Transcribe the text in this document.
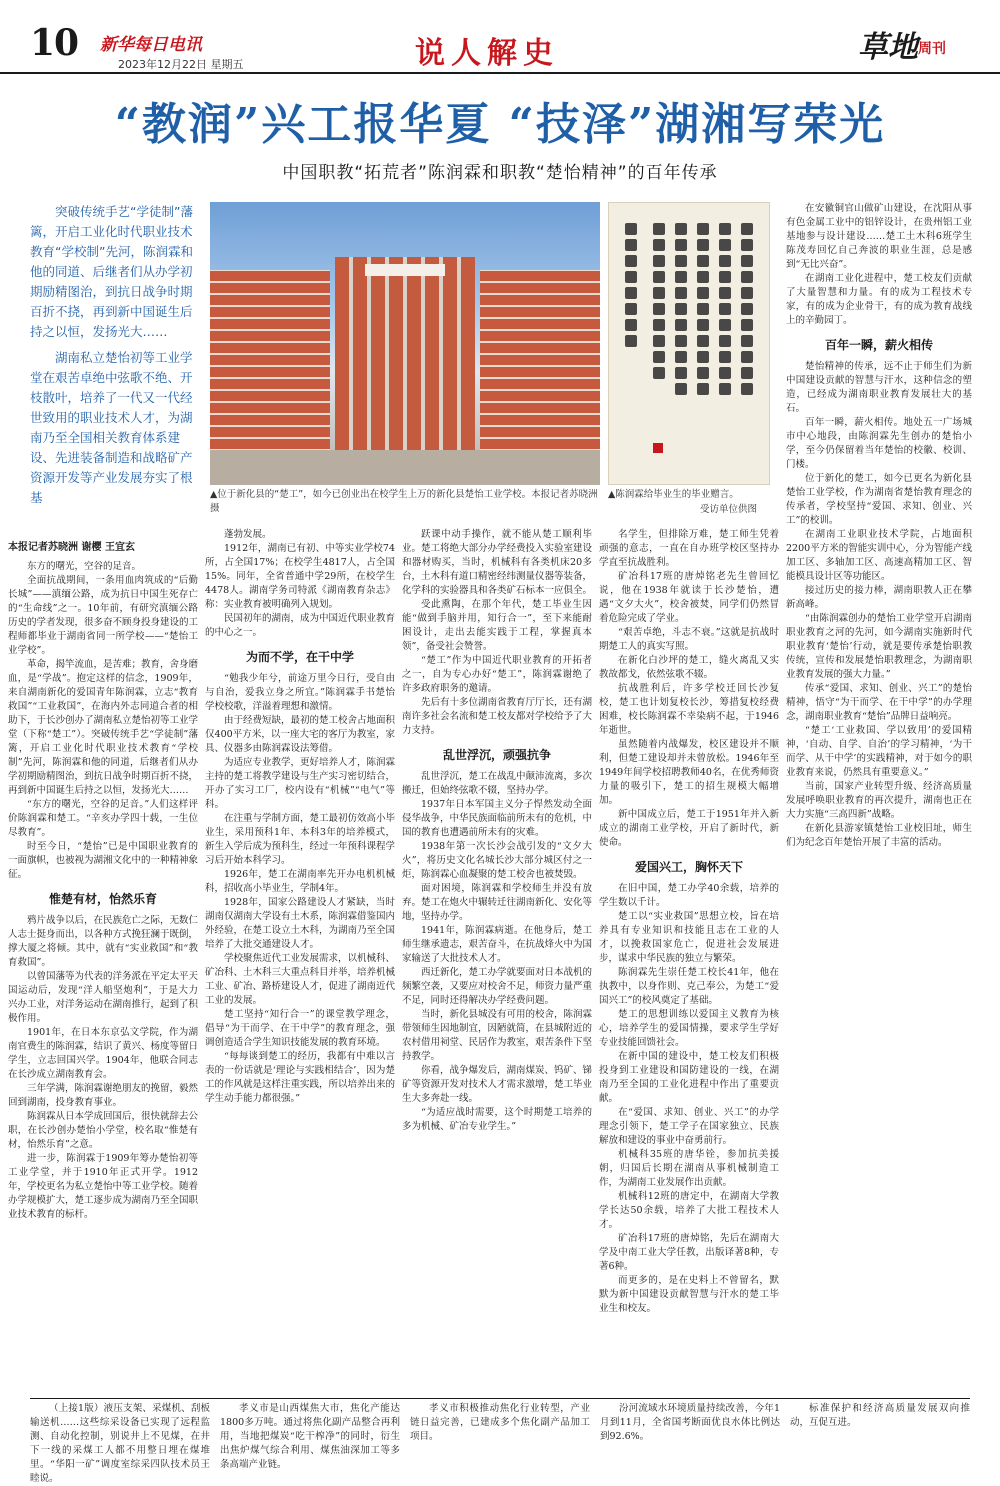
10 新华每日电讯
2023年12月22日 星期五	说人解史	草地 周刊
“教润”兴工报华夏 “技泽”湖湘写荣光
中国职教“拓荒者”陈润霖和职教“楚怡精神”的百年传承

突破传统手艺“学徒制”藩篱，开启工业化时代职业技术教育“学校制”先河，陈润霖和他的同道、后继者们从办学初期励精图治，到抗日战争时期百折不挠，再到新中国诞生后持之以恒，发扬光大……

湖南私立楚怡初等工业学堂在艰苦卓绝中弦歌不绝、开枝散叶，培养了一代又一代经世致用的职业技术人才，为湖南乃至全国相关教育体系建设、先进装备制造和战略矿产资源开发等产业发展夯实了根基	▲位于新化县的“楚工”，如今已创业出在校学生上万的新化县楚怡工业学校。本报记者苏晓洲摄
▲陈润霖给毕业生的毕业赠言。
受访单位供图

本报记者苏晓洲 谢樱 王宜玄

东方的曙光，空谷的足音。

全面抗战期间，一条用血肉筑成的“后勤长城”——滇缅公路，成为抗日中国生死存亡的“生命线”之一。10年前，有研究滇缅公路历史的学者发现，很多奋不顾身投身建设的工程师都毕业于湖南省同一所学校——“楚怡工业学校”。

革命，揭竿流血，是苦难；教育，舍身磨血，是“学战”。抱定这样的信念，1909年，来自湖南新化的爱国青年陈润霖，立志“教育救国”“工业救国”，在海内外志同道合者的相助下，于长沙创办了湖南私立楚怡初等工业学堂（下称“楚工”）。突破传统手艺“学徒制”藩篱，开启工业化时代职业技术教育“学校制”先河，陈润霖和他的同道，后继者们从办学初期励精图治，到抗日战争时期百折不挠，再到新中国诞生后持之以恒，发扬光大……

“东方的曙光，空谷的足音。”人们这样评价陈润霖和楚工。“辛亥办学四十载，一生位尽教育”。

时至今日，“楚怡”已是中国职业教育的一面旗帜，也被视为湖湘文化中的一种精神象征。

惟楚有材，怡然乐育

鸦片战争以后，在民族危亡之际，无数仁人志士挺身而出，以各种方式挽狂澜于既倒，撑大厦之将倾。其中，就有“实业救国”和“教育救国”。

以曾国藩等为代表的洋务派在平定太平天国运动后，发现“洋人船坚炮利”，于是大力兴办工业，对洋务运动在湖南推行，起到了积极作用。

1901年，在日本东京弘文学院，作为湖南官费生的陈润霖，结识了黄兴、杨度等留日学生，立志回国兴学。1904年，他联合同志在长沙成立湖南教育会。

三年学满，陈润霖谢绝朋友的挽留，毅然回到湖南，投身教育事业。

陈润霖从日本学成回国后，很快就辞去公职，在长沙创办楚怡小学堂，校名取“惟楚有材，怡然乐育”之意。

进一步，陈润霖于1909年筹办楚怡初等工业学堂，并于1910年正式开学。1912年，学校更名为私立楚怡中等工业学校。随着办学规模扩大，楚工逐步成为湖南乃至全国职业技术教育的标杆。

蓬勃发展。

1912年，湖南已有初、中等实业学校74所，占全国17%；在校学生4817人，占全国15%。同年，全省普通中学29所，在校学生4478人。湖南学务司特派《湖南教育杂志》称：实业教育被明确列入规划。

民国初年的湖南，成为中国近代职业教育的中心之一。

为而不学，在干中学

“勉我少年兮，前途万里今日行，受自由与自治，爱我立身之所宜。”陈润霖手书楚怡学校校歌，洋溢着理想和激情。

由于经费短缺，最初的楚工校舍占地面积仅400平方米，以一座大宅的客厅为教室，家具、仪器多由陈润霖设法筹借。

为适应专业教学，更好培养人才，陈润霖主持的楚工将教学建设与生产实习密切结合，开办了实习工厂，校内设有“机械”“电气”等科。

在注重与学制方面，楚工最初仿效高小毕业生，采用预科1年、本科3年的培养模式，新生入学后成为预科生，经过一年预科课程学习后开始本科学习。

1926年，楚工在湖南率先开办电机机械科，招收高小毕业生，学制4年。

1928年，国家公路建设人才紧缺，当时湖南仅湖南大学设有土木系，陈润霖借鉴国内外经验，在楚工设立土木科，为湖南乃至全国培养了大批交通建设人才。

学校聚焦近代工业发展需求，以机械科、矿冶科、土木科三大重点科目并举，培养机械工业、矿冶、路桥建设人才，促进了湖南近代工业的发展。

楚工坚持“知行合一”的课堂教学理念，倡导“为干而学、在干中学”的教育理念，强调创造适合学生知识技能发展的教育环境。

“每每谈到楚工的经历，我都有中难以言表的一份话就是‘理论与实践相结合’，因为楚工的作风就是这样注重实践，所以培养出来的学生动手能力都很强。”

跃课中动手操作，就不能从楚工顺利毕业。楚工将绝大部分办学经费投入实验室建设和器材购买，当时，机械科有各类机床20多台，土木科有道口精密经纬测量仪器等装备，化学科的实验器具和各类矿石标本一应俱全。

受此熏陶，在那个年代，楚工毕业生因能“做到手脑并用，知行合一”，至下来能耐困设计，走出去能实践于工程，掌握真本领”，备受社会赞誉。

“楚工”作为中国近代职业教育的开拓者之一，自为专心办好“楚工”，陈润霖谢绝了许多政府职务的邀请。

先后有十多位湖南省教育厅厅长，还有湖南许多社会名流和楚工校友都对学校给予了大力支持。

乱世浮沉，顽强抗争

乱世浮沉，楚工在战乱中颠沛流离，多次搬迁，但始终弦歌不辍，坚持办学。

1937年日本军国主义分子悍然发动全面侵华战争，中华民族面临前所未有的危机，中国的教育也遭遇前所未有的灾难。

1938年第一次长沙会战引发的“文夕大火”，将历史文化名城长沙大部分城区付之一炬，陈润霖心血凝聚的楚工校舍也被焚毁。

面对困境，陈润霖和学校师生并没有放弃。楚工在炮火中辗转迁往湖南新化、安化等地，坚持办学。

1941年，陈润霖病逝。在他身后，楚工师生继承遗志，艰苦奋斗，在抗战烽火中为国家输送了大批技术人才。

西迁新化，楚工办学就要面对日本战机的频繁空袭，又要应对校舍不足，师资力量严重不足，同时还得解决办学经费问题。

当时，新化县城没有可用的校舍，陈润霖带领师生因地制宜，因陋就简，在县城附近的农村借用祠堂、民居作为教室，艰苦条件下坚持教学。

你看，战争爆发后，湖南煤炭、钨矿、锑矿等资源开发对技术人才需求激增，楚工毕业生大多奔赴一线。

“为适应战时需要，这个时期楚工培养的多为机械、矿冶专业学生。”

名学生，但排除万难，楚工师生凭着顽强的意志，一直在自办班学校区坚持办学直至抗战胜利。

矿冶科17班的唐焯铭老先生曾回忆说，他在1938年就读于长沙楚怡，遭遇“文夕大火”，校舍被焚，同学们仍然冒着危险完成了学业。

“艰苦卓绝，斗志不衰。”这就是抗战时期楚工人的真实写照。

在新化白沙坪的楚工，缝火离乱又实教故都戈，依然弦歌不辍。

抗战胜利后，许多学校迁回长沙复校，楚工也计划复校长沙，筹措复校经费困难，校长陈润霖不幸染病不起，于1946年逝世。

虽然随着内战爆发，校区建设并不顺利，但楚工建设却并未曾放松。1946年至1949年间学校招聘教师40名，在优秀师资力量的吸引下，楚工的招生规模大幅增加。

新中国成立后，楚工于1951年并入新成立的湖南工业学校，开启了新时代，新使命。

爱国兴工，胸怀天下

在旧中国，楚工办学40余载，培养的学生数以千计。

楚工以“实业救国”思想立校，旨在培养具有专业知识和技能且志在工业的人才，以挽救国家危亡，促进社会发展进步，谋求中华民族的独立与繁荣。

陈润霖先生崇任楚工校长41年，他在执教中，以身作则、克己奉公，为楚工“爱国兴工”的校风奠定了基础。

楚工的思想训练以爱国主义教育为核心，培养学生的爱国情操，要求学生学好专业技能回馈社会。

在新中国的建设中，楚工校友们积极投身到工业建设和国防建设的一线，在湖南乃至全国的工业化进程中作出了重要贡献。

在“爱国、求知、创业、兴工”的办学理念引领下，楚工学子在国家独立、民族解放和建设的事业中奋勇前行。

机械科35班的唐华铨，参加抗美援朝，归国后长期在湖南从事机械制造工作，为湖南工业发展作出贡献。

机械科12班的唐定中，在湖南大学教学长达50余载，培养了大批工程技术人才。

矿冶科17班的唐焯铭，先后在湖南大学及中南工业大学任教，出版译著8种，专著6种。

而更多的，是在史料上不曾留名，默默为新中国建设贡献智慧与汗水的楚工毕业生和校友。

在安徽铜官山做矿山建设，在沈阳从事有色金属工业中的铝锌设计，在贵州铝工业基地参与设计建设……楚工土木科6班学生陈茂寿回忆自己奔波的职业生涯，总是感到“无比兴奋”。

在湖南工业化进程中，楚工校友们贡献了大量智慧和力量。有的成为工程技术专家，有的成为企业骨干，有的成为教育战线上的辛勤园丁。

百年一瞬，薪火相传

楚怡精神的传承，远不止于师生们为新中国建设贡献的智慧与汗水，这种信念的塑造，已经成为湖南职业教育发展壮大的基石。

百年一瞬，薪火相传。地处五一广场城市中心地段，由陈润霖先生创办的楚怡小学，至今仍保留着当年楚怡的校徽、校训、门楼。

位于新化的楚工，如今已更名为新化县楚怡工业学校，作为湖南省楚怡教育理念的传承者，学校坚持“爱国、求知、创业、兴工”的校训。

在湖南工业职业技术学院，占地面积2200平方米的智能实训中心，分为智能产线加工区、多轴加工区、高速高精加工区、智能模具设计区等功能区。

接过历史的接力棒，湖南职教人正在攀新高峰。

“由陈润霖创办的楚怡工业学堂开启湖南职业教育之河的先河，如今湖南实施新时代职业教育‘楚怡’行动，就是要传承楚怡职教传统，宣传和发展楚怡职教理念，为湖南职业教育发展的强大力量。”

传承“爱国、求知、创业、兴工”的楚怡精神，悟守“为干而学、在干中学”的办学理念，湖南职业教育“楚怡”品牌日益响亮。

“楚工‘工业救国、学以致用’的爱国精神，‘自动、自学、自治’的学习精神，‘为干而学、从干中学’的实践精神，对于如今的职业教育来说，仍然具有重要意义。”

当前，国家产业转型升级、经济高质量发展呼唤职业教育的再次提升，湖南也正在大力实施“三高四新”战略。

在新化县游家镇楚怡工业校旧址，师生们为纪念百年楚怡开展了丰富的活动。

（上接1版）液压支架、采煤机、刮板输送机……这些综采设备已实现了远程监测、自动化控制，别说井上不见煤，在井下一线的采煤工人都不用整日埋在煤堆里。“华阳一矿”调度室综采四队技术员王睦说。

孝义市是山西煤焦大市，焦化产能达1800多万吨。通过将焦化副产品整合再利用，当地把煤炭“吃干榨净”的同时，衍生出焦炉煤气综合利用、煤焦油深加工等多条高端产业链。

孝义市积极推动焦化行业转型，产业链日益完善，已建成多个焦化副产品加工项目。

汾河流域水环境质量持续改善，今年1月到11月，全省国考断面优良水体比例达到92.6%。

标准保护和经济高质量发展双向推动，互促互进。
